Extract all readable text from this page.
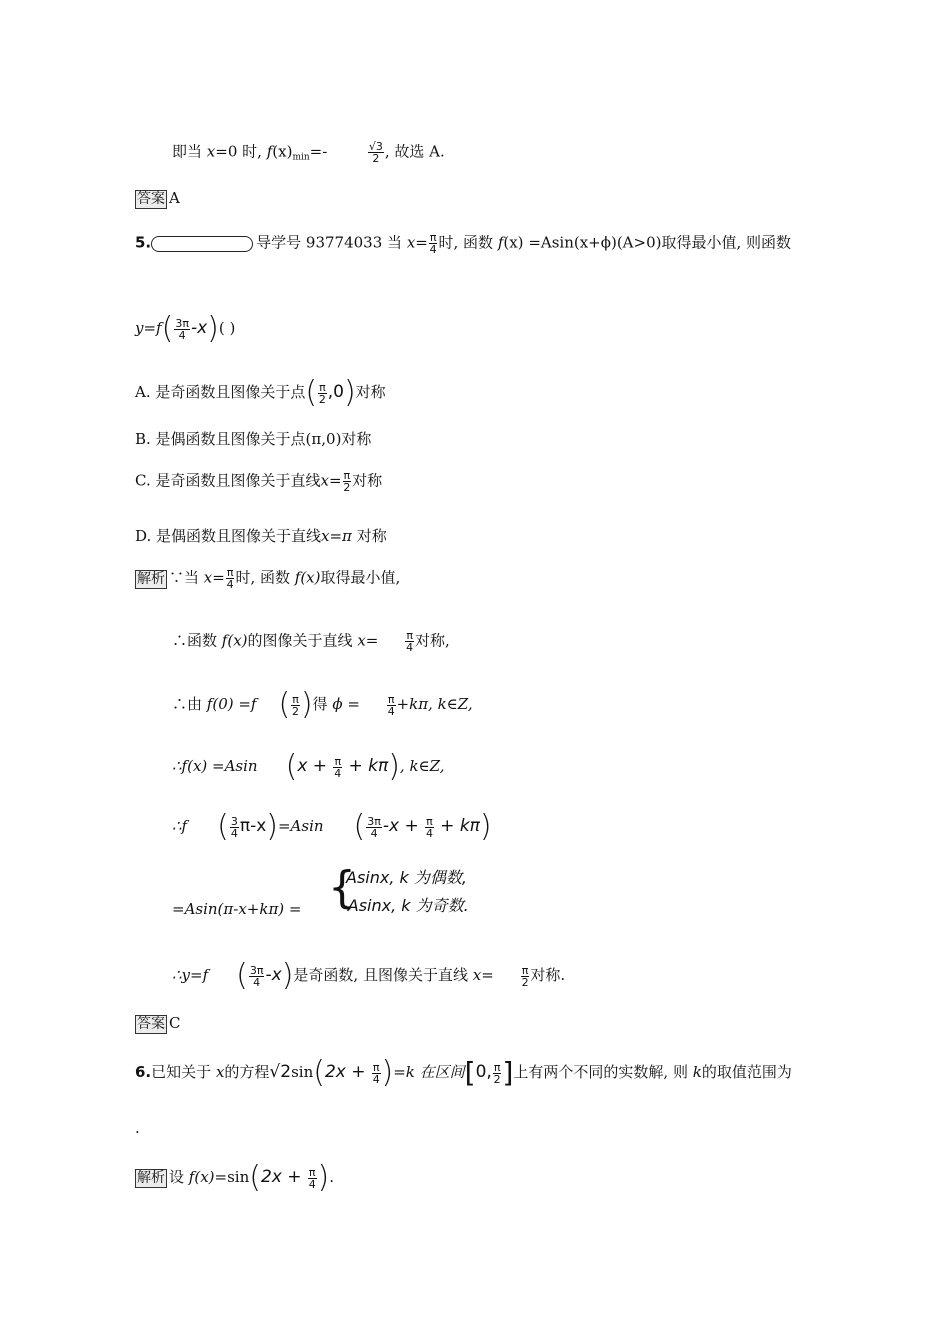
即当 x=0 时, $f(x)_{min}=-$	$\frac{√3}{2}$ , 故选 A.
答案 A
5.	导学号 93774033 当 $x= \frac{\pi}{4}$ 时, 函数 f(x) =Asin(x+ϕ)(A>0)取得最小值, 则函数
$y=f( \frac{3\pi}{4} -x)$( )
A. 是奇函数且图像关于点( $\frac{\pi}{2} ,0$)对称
B. 是偶函数且图像关于点(π,0)对称
C. 是奇函数且图像关于直线$x= \frac{\pi}{2}$ 对称
D. 是偶函数且图像关于直线x=π 对称
解析 ∵当 $x= \frac{\pi}{4}$ 时, 函数 f(x)取得最小值,
∴函数 f(x)的图像关于直线 $x= \frac{\pi}{4}$ 对称,
∴由 f(0) =f ( $\frac{\pi}{2}$ )得 $\phi = \frac{\pi}{4} +k\pi$, k∈Z,
∴f(x) =Asin $(x + \frac{\pi}{4} + k\pi)$, k∈Z,
∴f ( $\frac{3}{4} \pi-x)=Asin$ ( $\frac{3\pi}{4} -x + \frac{\pi}{4} + k\pi$)
=Asin(π-x+kπ) = {
Asinx, k 为偶数,
-Asinx, k 为奇数.
∴y=f ( $\frac{3\pi}{4} -x$)是奇函数, 且图像关于直线 $x= \frac{\pi}{2}$ 对称.
答案 C
6.已知关于 x的方程$√2\sin(2x + \frac{\pi}{4} )=k$ 在区间[0, $\frac{\pi}{2}$ ]上有两个不同的实数解, 则 k的取值范围为
.
解析 设 $f(x)=\sin(2x + \frac{\pi}{4}$ ).
